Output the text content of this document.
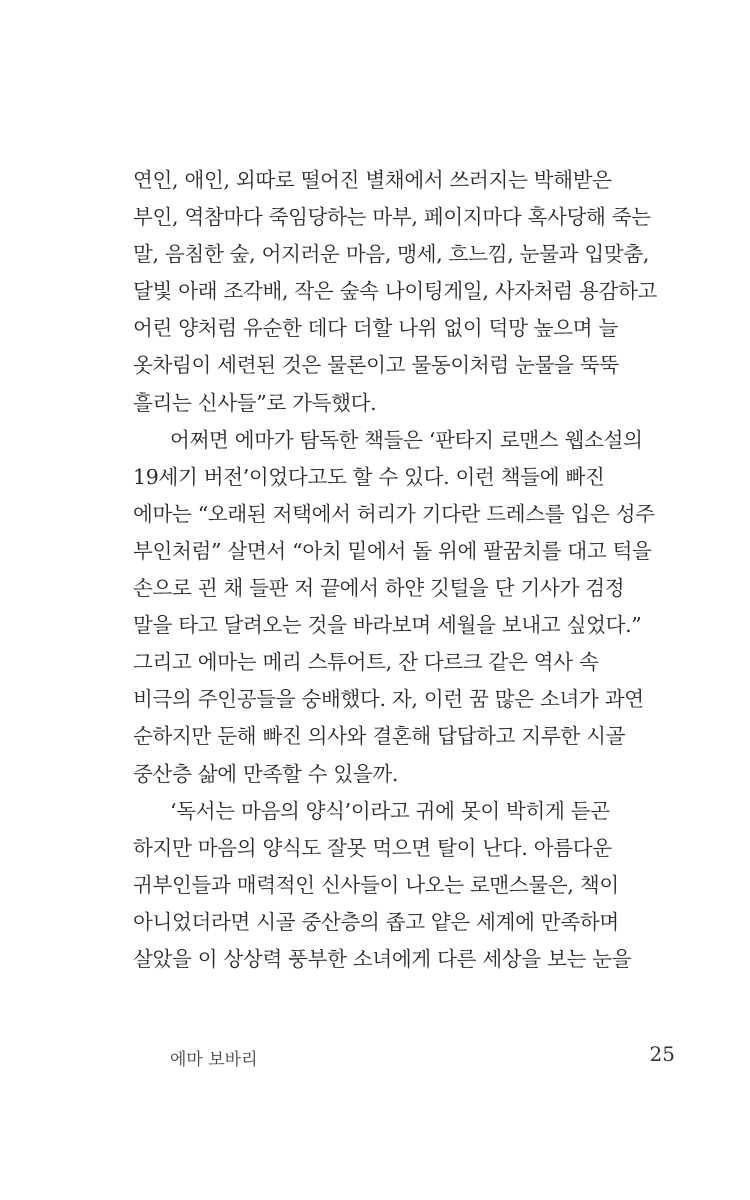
연인, 애인, 외따로 떨어진 별채에서 쓰러지는 박해받은
부인, 역참마다 죽임당하는 마부, 페이지마다 혹사당해 죽는
말, 음침한 숲, 어지러운 마음, 맹세, 흐느낌, 눈물과 입맞춤,
달빛 아래 조각배, 작은 숲속 나이팅게일, 사자처럼 용감하고
어린 양처럼 유순한 데다 더할 나위 없이 덕망 높으며 늘
옷차림이 세련된 것은 물론이고 물동이처럼 눈물을 뚝뚝
흘리는 신사들”로 가득했다.
어쩌면 에마가 탐독한 책들은 ‘판타지 로맨스 웹소설의
19세기 버전’이었다고도 할 수 있다. 이런 책들에 빠진
에마는 “오래된 저택에서 허리가 기다란 드레스를 입은 성주
부인처럼” 살면서 “아치 밑에서 돌 위에 팔꿈치를 대고 턱을
손으로 괸 채 들판 저 끝에서 하얀 깃털을 단 기사가 검정
말을 타고 달려오는 것을 바라보며 세월을 보내고 싶었다.”
그리고 에마는 메리 스튜어트, 잔 다르크 같은 역사 속
비극의 주인공들을 숭배했다. 자, 이런 꿈 많은 소녀가 과연
순하지만 둔해 빠진 의사와 결혼해 답답하고 지루한 시골
중산층 삶에 만족할 수 있을까.
‘독서는 마음의 양식’이라고 귀에 못이 박히게 듣곤
하지만 마음의 양식도 잘못 먹으면 탈이 난다. 아름다운
귀부인들과 매력적인 신사들이 나오는 로맨스물은, 책이
아니었더라면 시골 중산층의 좁고 얕은 세계에 만족하며
살았을 이 상상력 풍부한 소녀에게 다른 세상을 보는 눈을
에마 보바리	25
